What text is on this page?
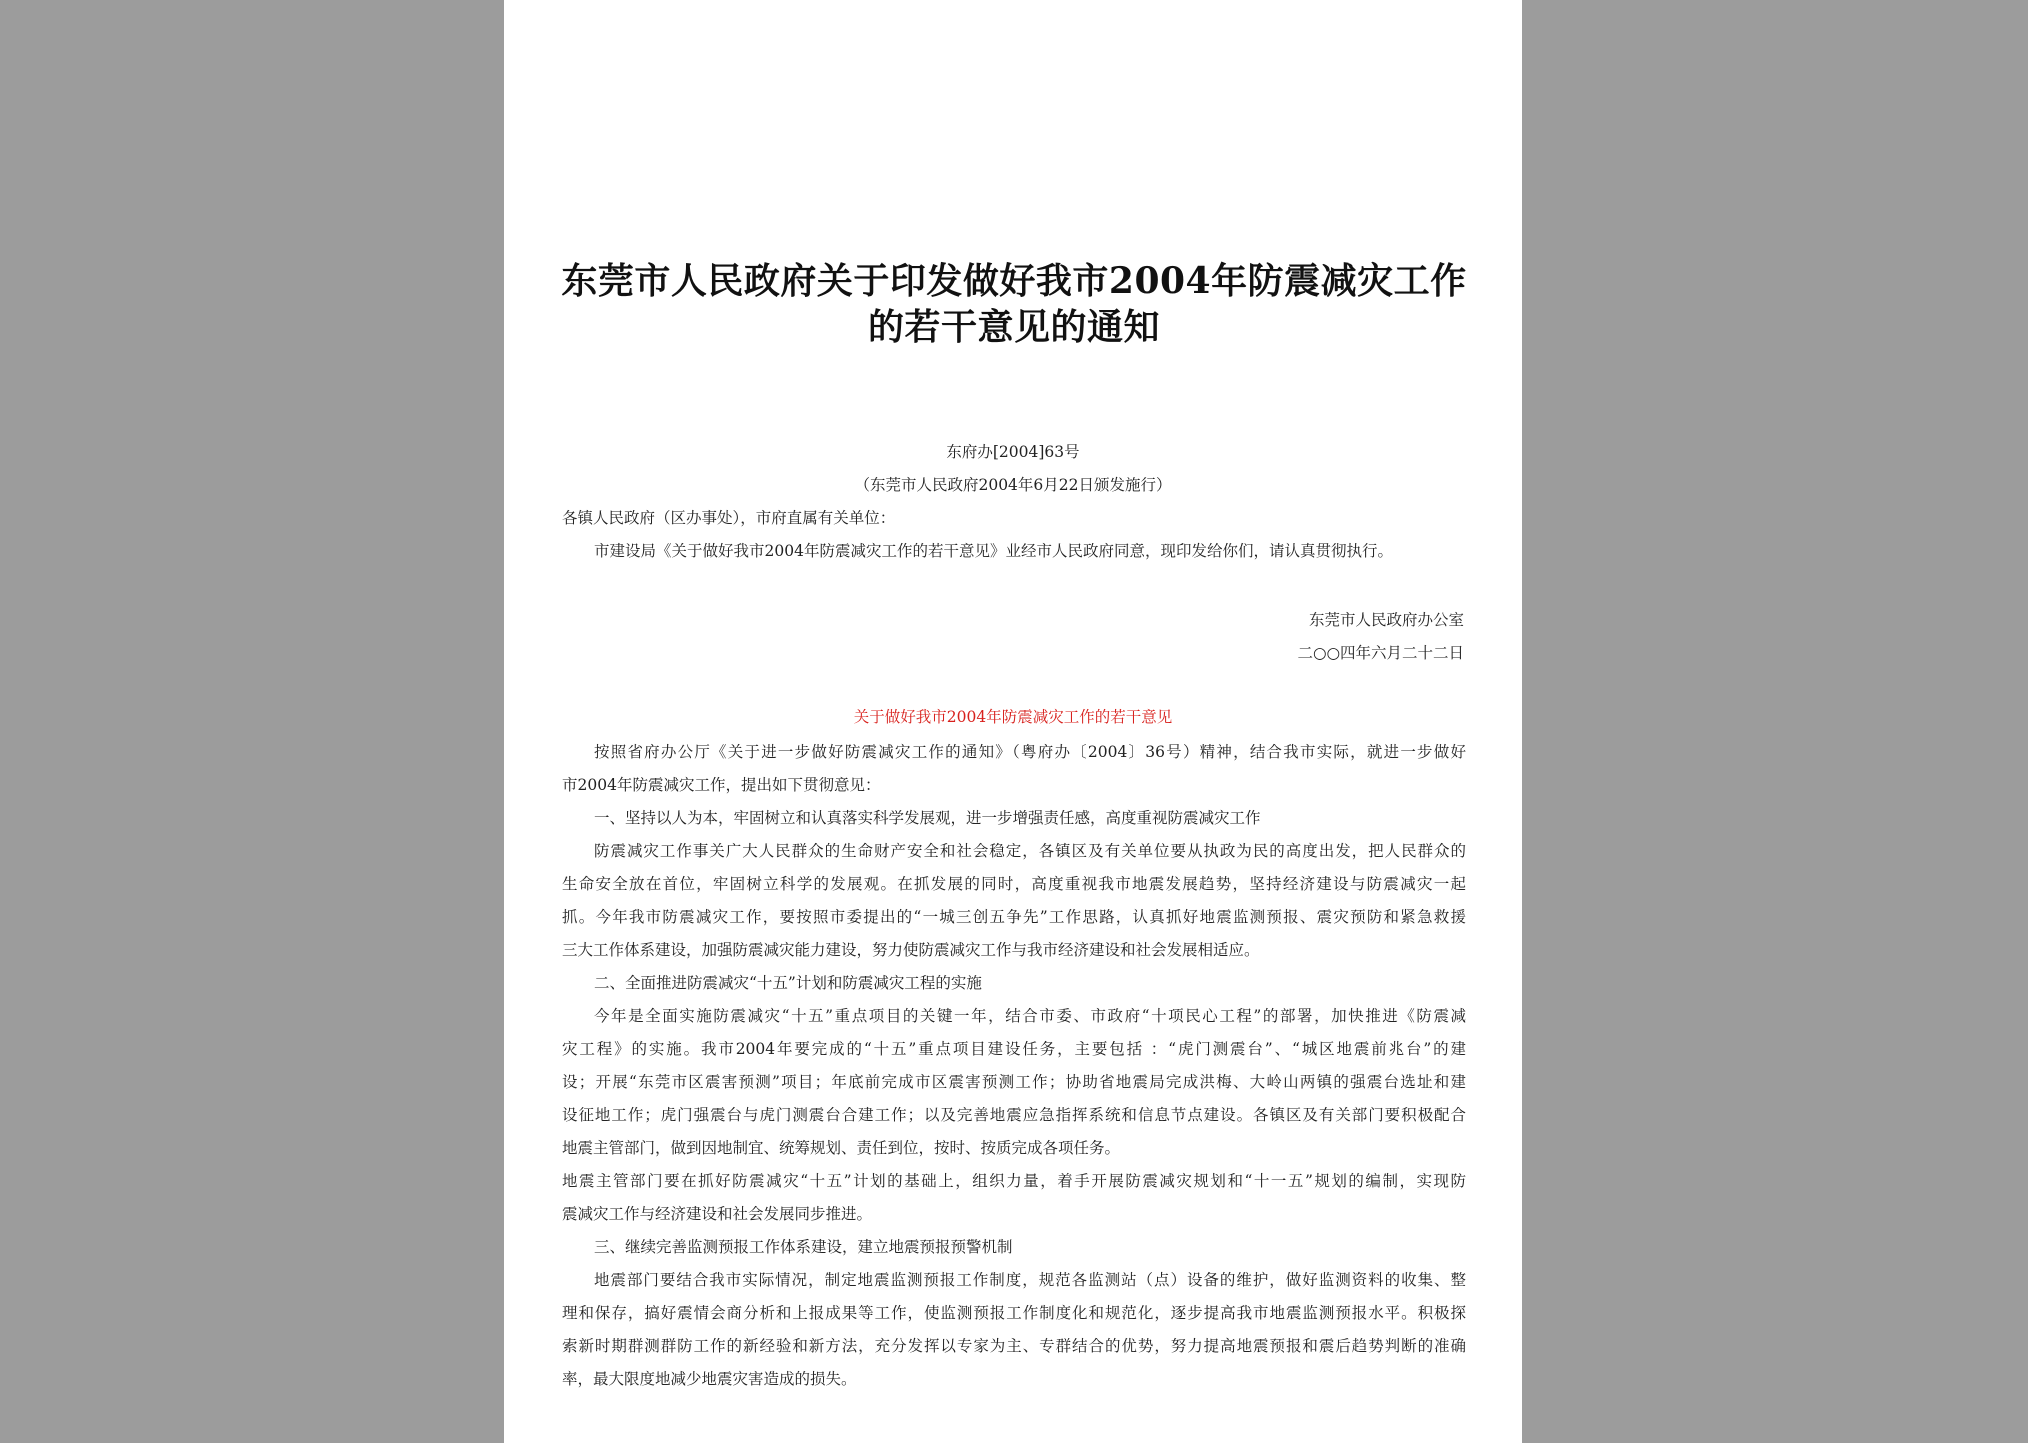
东莞市人民政府关于印发做好我市2004年防震减灾工作
的若干意见的通知
东府办[2004]63号
（东莞市人民政府2004年6月22日颁发施行）
各镇人民政府（区办事处），市府直属有关单位：
市建设局《关于做好我市2004年防震减灾工作的若干意见》业经市人民政府同意，现印发给你们，请认真贯彻执行。
东莞市人民政府办公室
二○○四年六月二十二日
关于做好我市2004年防震减灾工作的若干意见
按照省府办公厅《关于进一步做好防震减灾工作的通知》（粤府办〔2004〕36号）精神，结合我市实际，就进一步做好
市2004年防震减灾工作，提出如下贯彻意见：
一、坚持以人为本，牢固树立和认真落实科学发展观，进一步增强责任感，高度重视防震减灾工作
防震减灾工作事关广大人民群众的生命财产安全和社会稳定，各镇区及有关单位要从执政为民的高度出发，把人民群众的
生命安全放在首位，牢固树立科学的发展观。在抓发展的同时，高度重视我市地震发展趋势，坚持经济建设与防震减灾一起
抓。今年我市防震减灾工作，要按照市委提出的“一城三创五争先”工作思路，认真抓好地震监测预报、震灾预防和紧急救援
三大工作体系建设，加强防震减灾能力建设，努力使防震减灾工作与我市经济建设和社会发展相适应。
二、全面推进防震减灾“十五”计划和防震减灾工程的实施
今年是全面实施防震减灾“十五”重点项目的关键一年，结合市委、市政府“十项民心工程”的部署，加快推进《防震减
灾工程》的实施。我市2004年要完成的“十五”重点项目建设任务，主要包括 ：“虎门测震台”、“城区地震前兆台”的建
设；开展“东莞市区震害预测”项目；年底前完成市区震害预测工作；协助省地震局完成洪梅、大岭山两镇的强震台选址和建
设征地工作；虎门强震台与虎门测震台合建工作；以及完善地震应急指挥系统和信息节点建设。各镇区及有关部门要积极配合
地震主管部门，做到因地制宜、统筹规划、责任到位，按时、按质完成各项任务。
地震主管部门要在抓好防震减灾“十五”计划的基础上，组织力量，着手开展防震减灾规划和“十一五”规划的编制，实现防
震减灾工作与经济建设和社会发展同步推进。
三、继续完善监测预报工作体系建设，建立地震预报预警机制
地震部门要结合我市实际情况，制定地震监测预报工作制度，规范各监测站（点）设备的维护，做好监测资料的收集、整
理和保存，搞好震情会商分析和上报成果等工作，使监测预报工作制度化和规范化，逐步提高我市地震监测预报水平。积极探
索新时期群测群防工作的新经验和新方法，充分发挥以专家为主、专群结合的优势，努力提高地震预报和震后趋势判断的准确
率，最大限度地减少地震灾害造成的损失。
